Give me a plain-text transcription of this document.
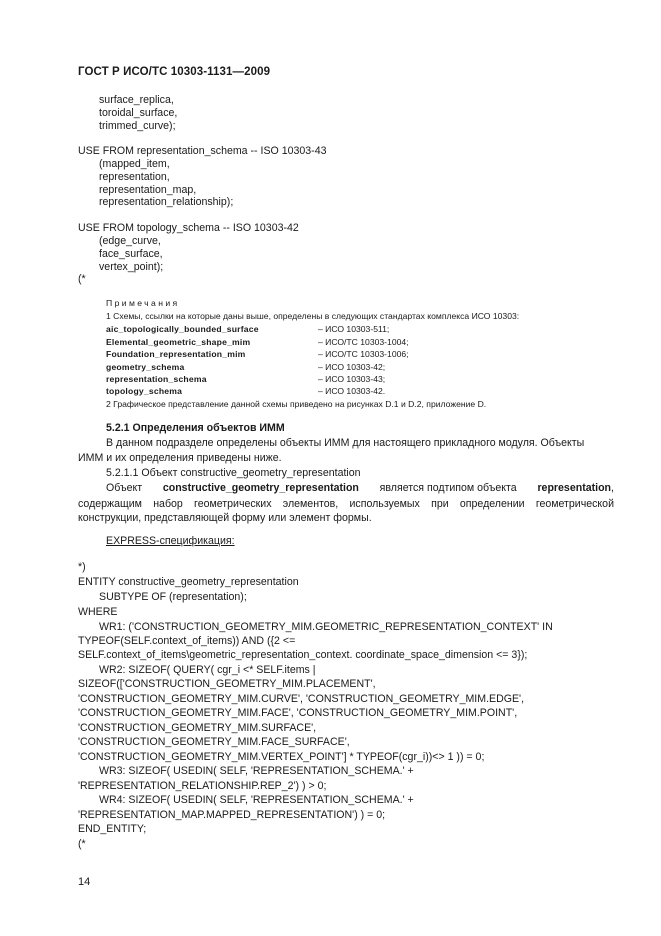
ГОСТ Р ИСО/ТС 10303-1131—2009
surface_replica,
toroidal_surface,
trimmed_curve);
USE FROM representation_schema -- ISO 10303-43
(mapped_item,
representation,
representation_map,
representation_relationship);
USE FROM topology_schema -- ISO 10303-42
(edge_curve,
face_surface,
vertex_point);
(*
Примечания
1 Схемы, ссылки на которые даны выше, определены в следующих стандартах комплекса ИСО 10303:
aic_topologically_bounded_surface	– ИСО 10303-511;
Elemental_geometric_shape_mim	– ИСО/ТС 10303-1004;
Foundation_representation_mim	– ИСО/ТС 10303-1006;
geometry_schema	– ИСО 10303-42;
representation_schema	– ИСО 10303-43;
topology_schema	– ИСО 10303-42.
2 Графическое представление данной схемы приведено на рисунках D.1 и D.2, приложение D.
5.2.1 Определения объектов ИММ
В данном подразделе определены объекты ИММ для настоящего прикладного модуля. Объекты
ИММ и их определения приведены ниже.
5.2.1.1 Объект constructive_geometry_representation
Объект constructive_geometry_representation является подтипом объекта representation,
содержащим набор геометрических элементов, используемых при определении геометрической
конструкции, представляющей форму или элемент формы.
EXPRESS-спецификация:
*)
ENTITY constructive_geometry_representation
SUBTYPE OF (representation);
WHERE
WR1: ('CONSTRUCTION_GEOMETRY_MIM.GEOMETRIC_REPRESENTATION_CONTEXT' IN
TYPEOF(SELF.context_of_items)) AND ({2 <=
SELF.context_of_items\geometric_representation_context. coordinate_space_dimension <= 3});
WR2: SIZEOF( QUERY( cgr_i <* SELF.items |
SIZEOF(['CONSTRUCTION_GEOMETRY_MIM.PLACEMENT',
'CONSTRUCTION_GEOMETRY_MIM.CURVE', 'CONSTRUCTION_GEOMETRY_MIM.EDGE',
'CONSTRUCTION_GEOMETRY_MIM.FACE', 'CONSTRUCTION_GEOMETRY_MIM.POINT',
'CONSTRUCTION_GEOMETRY_MIM.SURFACE',
'CONSTRUCTION_GEOMETRY_MIM.FACE_SURFACE',
'CONSTRUCTION_GEOMETRY_MIM.VERTEX_POINT'] * TYPEOF(cgr_i))<> 1 )) = 0;
WR3: SIZEOF( USEDIN( SELF, 'REPRESENTATION_SCHEMA.' +
'REPRESENTATION_RELATIONSHIP.REP_2') ) > 0;
WR4: SIZEOF( USEDIN( SELF, 'REPRESENTATION_SCHEMA.' +
'REPRESENTATION_MAP.MAPPED_REPRESENTATION') ) = 0;
END_ENTITY;
(*
14
